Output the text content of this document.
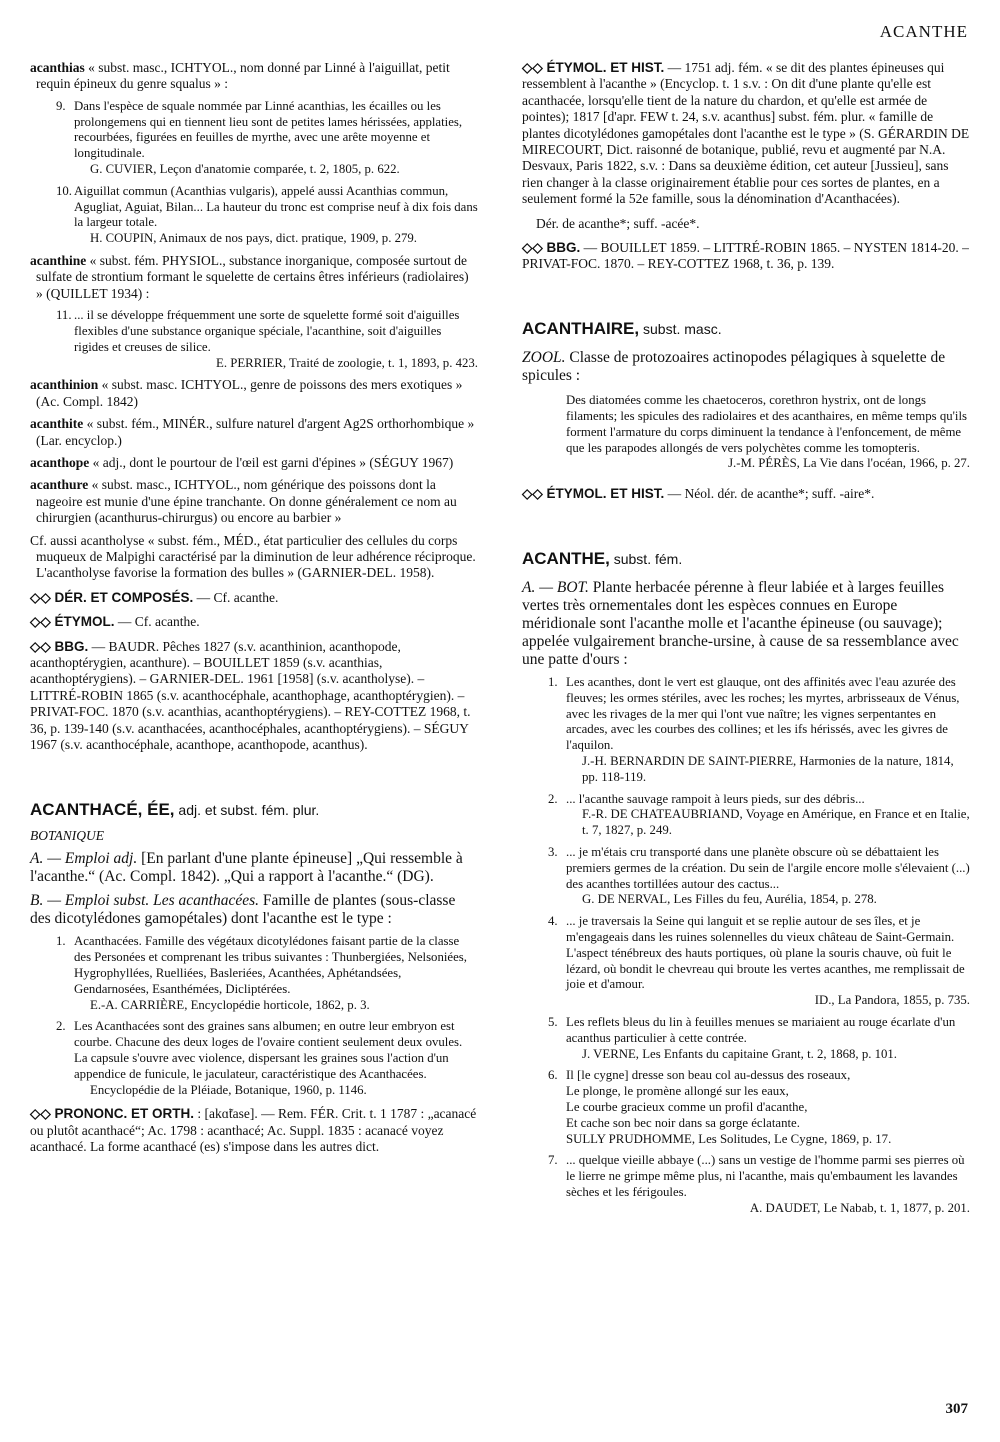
ACANTHE

acanthias « subst. masc., ICHTYOL., nom donné par Linné à l'aiguillat, petit requin épineux du genre squalus » :

9. Dans l'espèce de squale nommée par Linné acanthias, les écailles ou les prolongemens qui en tiennent lieu sont de petites lames hérissées, applaties, recourbées, figurées en feuilles de myrthe, avec une arête moyenne et longitudinale.
G. CUVIER, Leçon d'anatomie comparée, t. 2, 1805, p. 622.
10. Aiguillat commun (Acanthias vulgaris), appelé aussi Acanthias commun, Agugliat, Aguiat, Bilan... La hauteur du tronc est comprise neuf à dix fois dans la largeur totale.
H. COUPIN, Animaux de nos pays, dict. pratique, 1909, p. 279.

acanthine « subst. fém. PHYSIOL., substance inorganique, composée surtout de sulfate de strontium formant le squelette de certains êtres inférieurs (radiolaires) » (QUILLET 1934) :

11. ... il se développe fréquemment une sorte de squelette formé soit d'aiguilles flexibles d'une substance organique spéciale, l'acanthine, soit d'aiguilles rigides et creuses de silice.
E. PERRIER, Traité de zoologie, t. 1, 1893, p. 423.

acanthinion « subst. masc. ICHTYOL., genre de poissons des mers exotiques » (Ac. Compl. 1842)

acanthite « subst. fém., MINÉR., sulfure naturel d'argent Ag2S orthorhombique » (Lar. encyclop.)

acanthope « adj., dont le pourtour de l'œil est garni d'épines » (SÉGUY 1967)

acanthure « subst. masc., ICHTYOL., nom générique des poissons dont la nageoire est munie d'une épine tranchante. On donne généralement ce nom au chirurgien (acanthurus-chirurgus) ou encore au barbier »

Cf. aussi acantholyse « subst. fém., MÉD., état particulier des cellules du corps muqueux de Malpighi caractérisé par la diminution de leur adhérence réciproque. L'acantholyse favorise la formation des bulles » (GARNIER-DEL. 1958).

◇◇ DÉR. ET COMPOSÉS. — Cf. acanthe.

◇◇ ÉTYMOL. — Cf. acanthe.

◇◇ BBG. — BAUDR. Pêches 1827 (s.v. acanthinion, acanthopode, acanthoptérygien, acanthure). – BOUILLET 1859 (s.v. acanthias, acanthoptérygiens). – GARNIER-DEL. 1961 [1958] (s.v. acantholyse). – LITTRÉ-ROBIN 1865 (s.v. acanthocéphale, acanthophage, acanthoptérygien). – PRIVAT-FOC. 1870 (s.v. acanthias, acanthoptérygiens). – REY-COTTEZ 1968, t. 36, p. 139-140 (s.v. acanthacées, acanthocéphales, acanthoptérygiens). – SÉGUY 1967 (s.v. acanthocéphale, acanthope, acanthopode, acanthus).

ACANTHACÉ, ÉE, adj. et subst. fém. plur.

BOTANIQUE

A. — Emploi adj. [En parlant d'une plante épineuse] „Qui ressemble à l'acanthe.“ (Ac. Compl. 1842). „Qui a rapport à l'acanthe.“ (DG).

B. — Emploi subst. Les acanthacées. Famille de plantes (sous-classe des dicotylédones gamopétales) dont l'acanthe est le type :

1. Acanthacées. Famille des végétaux dicotylédones faisant partie de la classe des Personées et comprenant les tribus suivantes : Thunbergiées, Nelsoniées, Hygrophyllées, Ruelliées, Basleriées, Acanthées, Aphétandsées, Gendarnosées, Esanthémées, Dicliptérées.
E.-A. CARRIÈRE, Encyclopédie horticole, 1862, p. 3.
2. Les Acanthacées sont des graines sans albumen; en outre leur embryon est courbe. Chacune des deux loges de l'ovaire contient seulement deux ovules. La capsule s'ouvre avec violence, dispersant les graines sous l'action d'un appendice de funicule, le jaculateur, caractéristique des Acanthacées.
Encyclopédie de la Pléiade, Botanique, 1960, p. 1146.

◇◇ PRONONC. ET ORTH. : [akɑ̃tase]. — Rem. FÉR. Crit. t. 1 1787 : „acanacé ou plutôt acanthacé“; Ac. 1798 : acanthacé; Ac. Suppl. 1835 : acanacé voyez acanthacé. La forme acanthacé (es) s'impose dans les autres dict.

◇◇ ÉTYMOL. ET HIST. — 1751 adj. fém. « se dit des plantes épineuses qui ressemblent à l'acanthe » (Encyclop. t. 1 s.v. : On dit d'une plante qu'elle est acanthacée, lorsqu'elle tient de la nature du chardon, et qu'elle est armée de pointes); 1817 [d'apr. FEW t. 24, s.v. acanthus] subst. fém. plur. « famille de plantes dicotylédones gamopétales dont l'acanthe est le type » (S. GÉRARDIN DE MIRECOURT, Dict. raisonné de botanique, publié, revu et augmenté par N.A. Desvaux, Paris 1822, s.v. : Dans sa deuxième édition, cet auteur [Jussieu], sans rien changer à la classe originairement établie pour ces sortes de plantes, en a seulement formé la 52e famille, sous la dénomination d'Acanthacées).

Dér. de acanthe*; suff. -acée*.

◇◇ BBG. — BOUILLET 1859. – LITTRÉ-ROBIN 1865. – NYSTEN 1814-20. – PRIVAT-FOC. 1870. – REY-COTTEZ 1968, t. 36, p. 139.

ACANTHAIRE, subst. masc.

ZOOL. Classe de protozoaires actinopodes pélagiques à squelette de spicules :

Des diatomées comme les chaetoceros, corethron hystrix, ont de longs filaments; les spicules des radiolaires et des acanthaires, en même temps qu'ils forment l'armature du corps diminuent la tendance à l'enfoncement, de même que les parapodes allongés de vers polychètes comme les tomopteris.
J.-M. PÉRÈS, La Vie dans l'océan, 1966, p. 27.

◇◇ ÉTYMOL. ET HIST. — Néol. dér. de acanthe*; suff. -aire*.

ACANTHE, subst. fém.

A. — BOT. Plante herbacée pérenne à fleur labiée et à larges feuilles vertes très ornementales dont les espèces connues en Europe méridionale sont l'acanthe molle et l'acanthe épineuse (ou sauvage); appelée vulgairement branche-ursine, à cause de sa ressemblance avec une patte d'ours :

1. Les acanthes, dont le vert est glauque, ont des affinités avec l'eau azurée des fleuves; les ormes stériles, avec les roches; les myrtes, arbrisseaux de Vénus, avec les rivages de la mer qui l'ont vue naître; les vignes serpentantes en arcades, avec les courbes des collines; et les ifs hérissés, avec les givres de l'aquilon.
J.-H. BERNARDIN DE SAINT-PIERRE, Harmonies de la nature, 1814, pp. 118-119.
2. ... l'acanthe sauvage rampoit à leurs pieds, sur des débris...
F.-R. DE CHATEAUBRIAND, Voyage en Amérique, en France et en Italie, t. 7, 1827, p. 249.
3. ... je m'étais cru transporté dans une planète obscure où se débattaient les premiers germes de la création. Du sein de l'argile encore molle s'élevaient (...) des acanthes tortillées autour des cactus...
G. DE NERVAL, Les Filles du feu, Aurélia, 1854, p. 278.
4. ... je traversais la Seine qui languit et se replie autour de ses îles, et je m'engageais dans les ruines solennelles du vieux château de Saint-Germain. L'aspect ténébreux des hauts portiques, où plane la souris chauve, où fuit le lézard, où bondit le chevreau qui broute les vertes acanthes, me remplissait de joie et d'amour.
ID., La Pandora, 1855, p. 735.
5. Les reflets bleus du lin à feuilles menues se mariaient au rouge écarlate d'un acanthus particulier à cette contrée.
J. VERNE, Les Enfants du capitaine Grant, t. 2, 1868, p. 101.
6. Il [le cygne] dresse son beau col au-dessus des roseaux,
Le plonge, le promène allongé sur les eaux,
Le courbe gracieux comme un profil d'acanthe,
Et cache son bec noir dans sa gorge éclatante.
SULLY PRUDHOMME, Les Solitudes, Le Cygne, 1869, p. 17.
7. ... quelque vieille abbaye (...) sans un vestige de l'homme parmi ses pierres où le lierre ne grimpe même plus, ni l'acanthe, mais qu'embaument les lavandes sèches et les férigoules.
A. DAUDET, Le Nabab, t. 1, 1877, p. 201.
307
